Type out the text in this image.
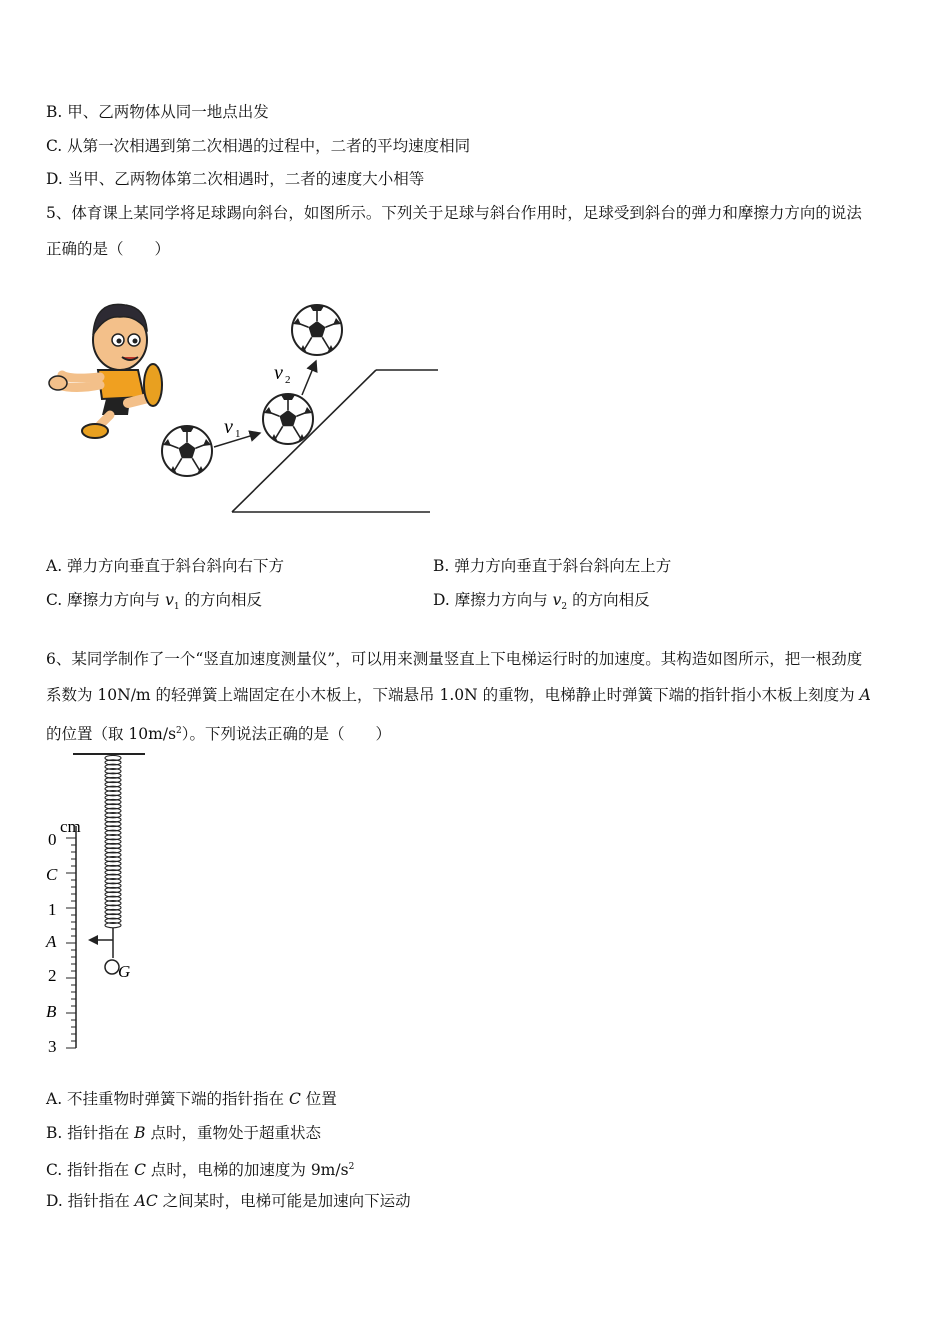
B. 甲、乙两物体从同一地点出发
C. 从第一次相遇到第二次相遇的过程中，二者的平均速度相同
D. 当甲、乙两物体第二次相遇时，二者的速度大小相等
5、体育课上某同学将足球踢向斜台，如图所示。下列关于足球与斜台作用时，足球受到斜台的弹力和摩擦力方向的说法
正确的是（　　）
v 1
v 2
A. 弹力方向垂直于斜台斜向右下方	B. 弹力方向垂直于斜台斜向左上方
C. 摩擦力方向与 $v_1$ 的方向相反	D. 摩擦力方向与 $v_2$ 的方向相反
6、某同学制作了一个“竖直加速度测量仪”，可以用来测量竖直上下电梯运行时的加速度。其构造如图所示，把一根劲度
系数为 10N/m 的轻弹簧上端固定在小木板上，下端悬吊 1.0N 的重物，电梯静止时弹簧下端的指针指小木板上刻度为 A
的位置（取 $10m/s^2$）。下列说法正确的是（　　）
cm
0
C
1
A
2
B
3
G
A. 不挂重物时弹簧下端的指针指在 C 位置
B. 指针指在 B 点时，重物处于超重状态
C. 指针指在 C 点时，电梯的加速度为 $9m/s^2$
D. 指针指在 AC 之间某时，电梯可能是加速向下运动
